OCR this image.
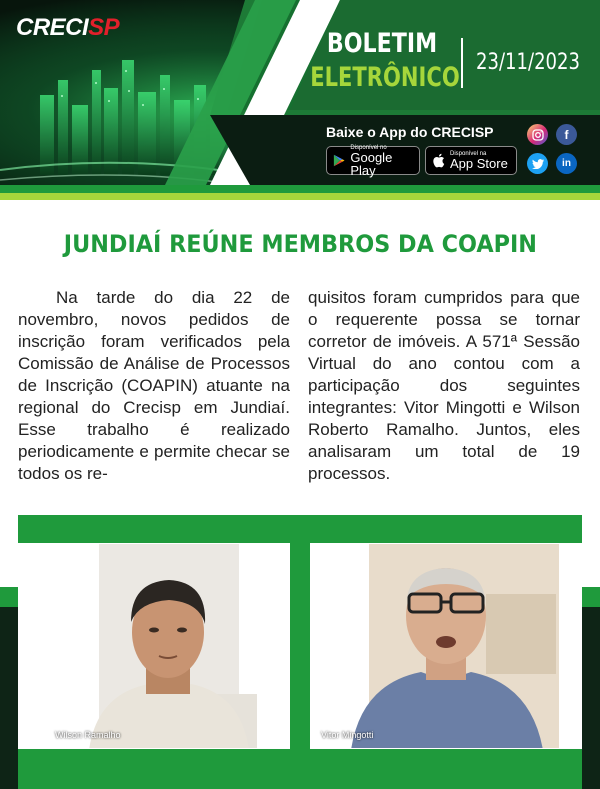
CRECISP
BOLETIM
ELETRÔNICO 23/11/2023
Baixe o App do CRECISP
Disponível no
Google Play
Disponível na
App Store
f
in
JUNDIAÍ REÚNE MEMBROS DA COAPIN

Na tarde do dia 22 de novembro, novos pedidos de inscrição foram verificados pela Comissão de Análise de Processos de Inscrição (COAPIN) atuante na regional do Crecisp em Jundiaí. Esse trabalho é realizado periodicamente e permite checar se todos os re-

quisitos foram cumpridos para que o requerente possa se tornar corretor de imóveis. A 571ª Sessão Virtual do ano contou com a participação dos seguintes integrantes: Vitor Mingotti e Wilson Roberto Ramalho. Juntos, eles analisaram um total de 19 processos.

Wilson Ramalho	Vitor Mingotti
